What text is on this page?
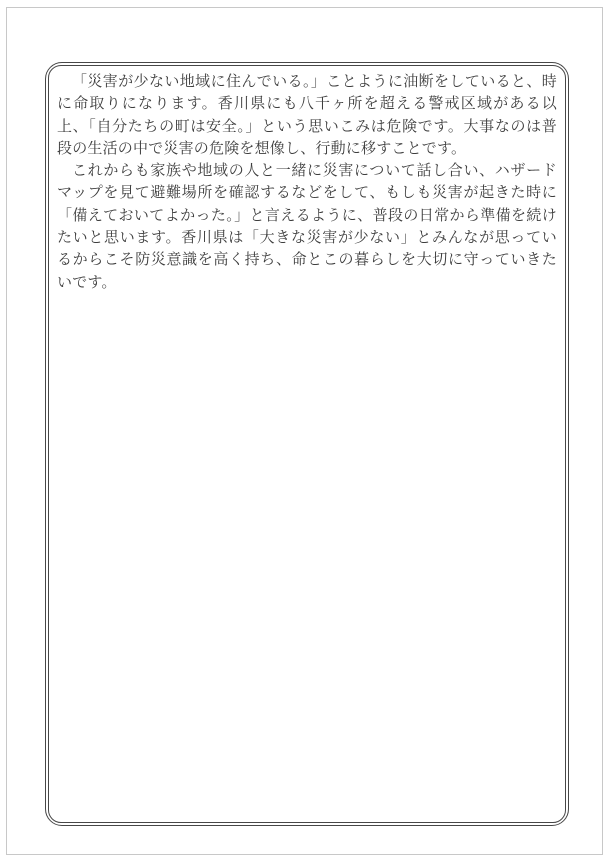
「災害が少ない地域に住んでいる。」ことように油断をしていると、時に命取りになります。香川県にも八千ヶ所を超える警戒区域がある以上、「自分たちの町は安全。」という思いこみは危険です。大事なのは普段の生活の中で災害の危険を想像し、行動に移すことです。

これからも家族や地域の人と一緒に災害について話し合い、ハザードマップを見て避難場所を確認するなどをして、もしも災害が起きた時に「備えておいてよかった。」と言えるように、普段の日常から準備を続けたいと思います。香川県は「大きな災害が少ない」とみんなが思っているからこそ防災意識を高く持ち、命とこの暮らしを大切に守っていきたいです。
